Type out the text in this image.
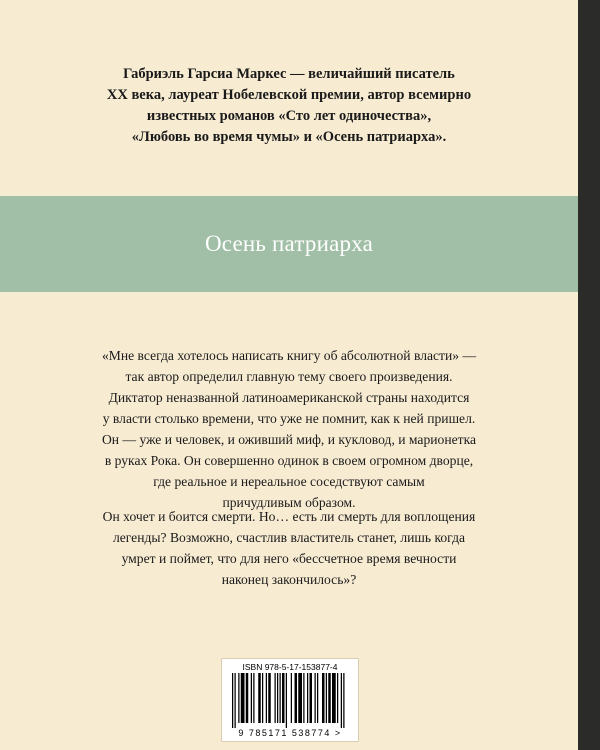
Габриэль Гарсиа Маркес — величайший писатель
XX века, лауреат Нобелевской премии, автор всемирно
известных романов «Сто лет одиночества»,
«Любовь во время чумы» и «Осень патриарха».
Осень патриарха
«Мне всегда хотелось написать книгу об абсолютной власти» —
так автор определил главную тему своего произведения.
Диктатор неназванной латиноамериканской страны находится
у власти столько времени, что уже не помнит, как к ней пришел.
Он — уже и человек, и оживший миф, и кукловод, и марионетка
в руках Рока. Он совершенно одинок в своем огромном дворце,
где реальное и нереальное соседствуют самым
причудливым образом.
Он хочет и боится смерти. Но… есть ли смерть для воплощения
легенды? Возможно, счастлив властитель станет, лишь когда
умрет и поймет, что для него «бессчетное время вечности
наконец закончилось»?
ISBN 978-5-17-153877-4
9 785171 538774 >
